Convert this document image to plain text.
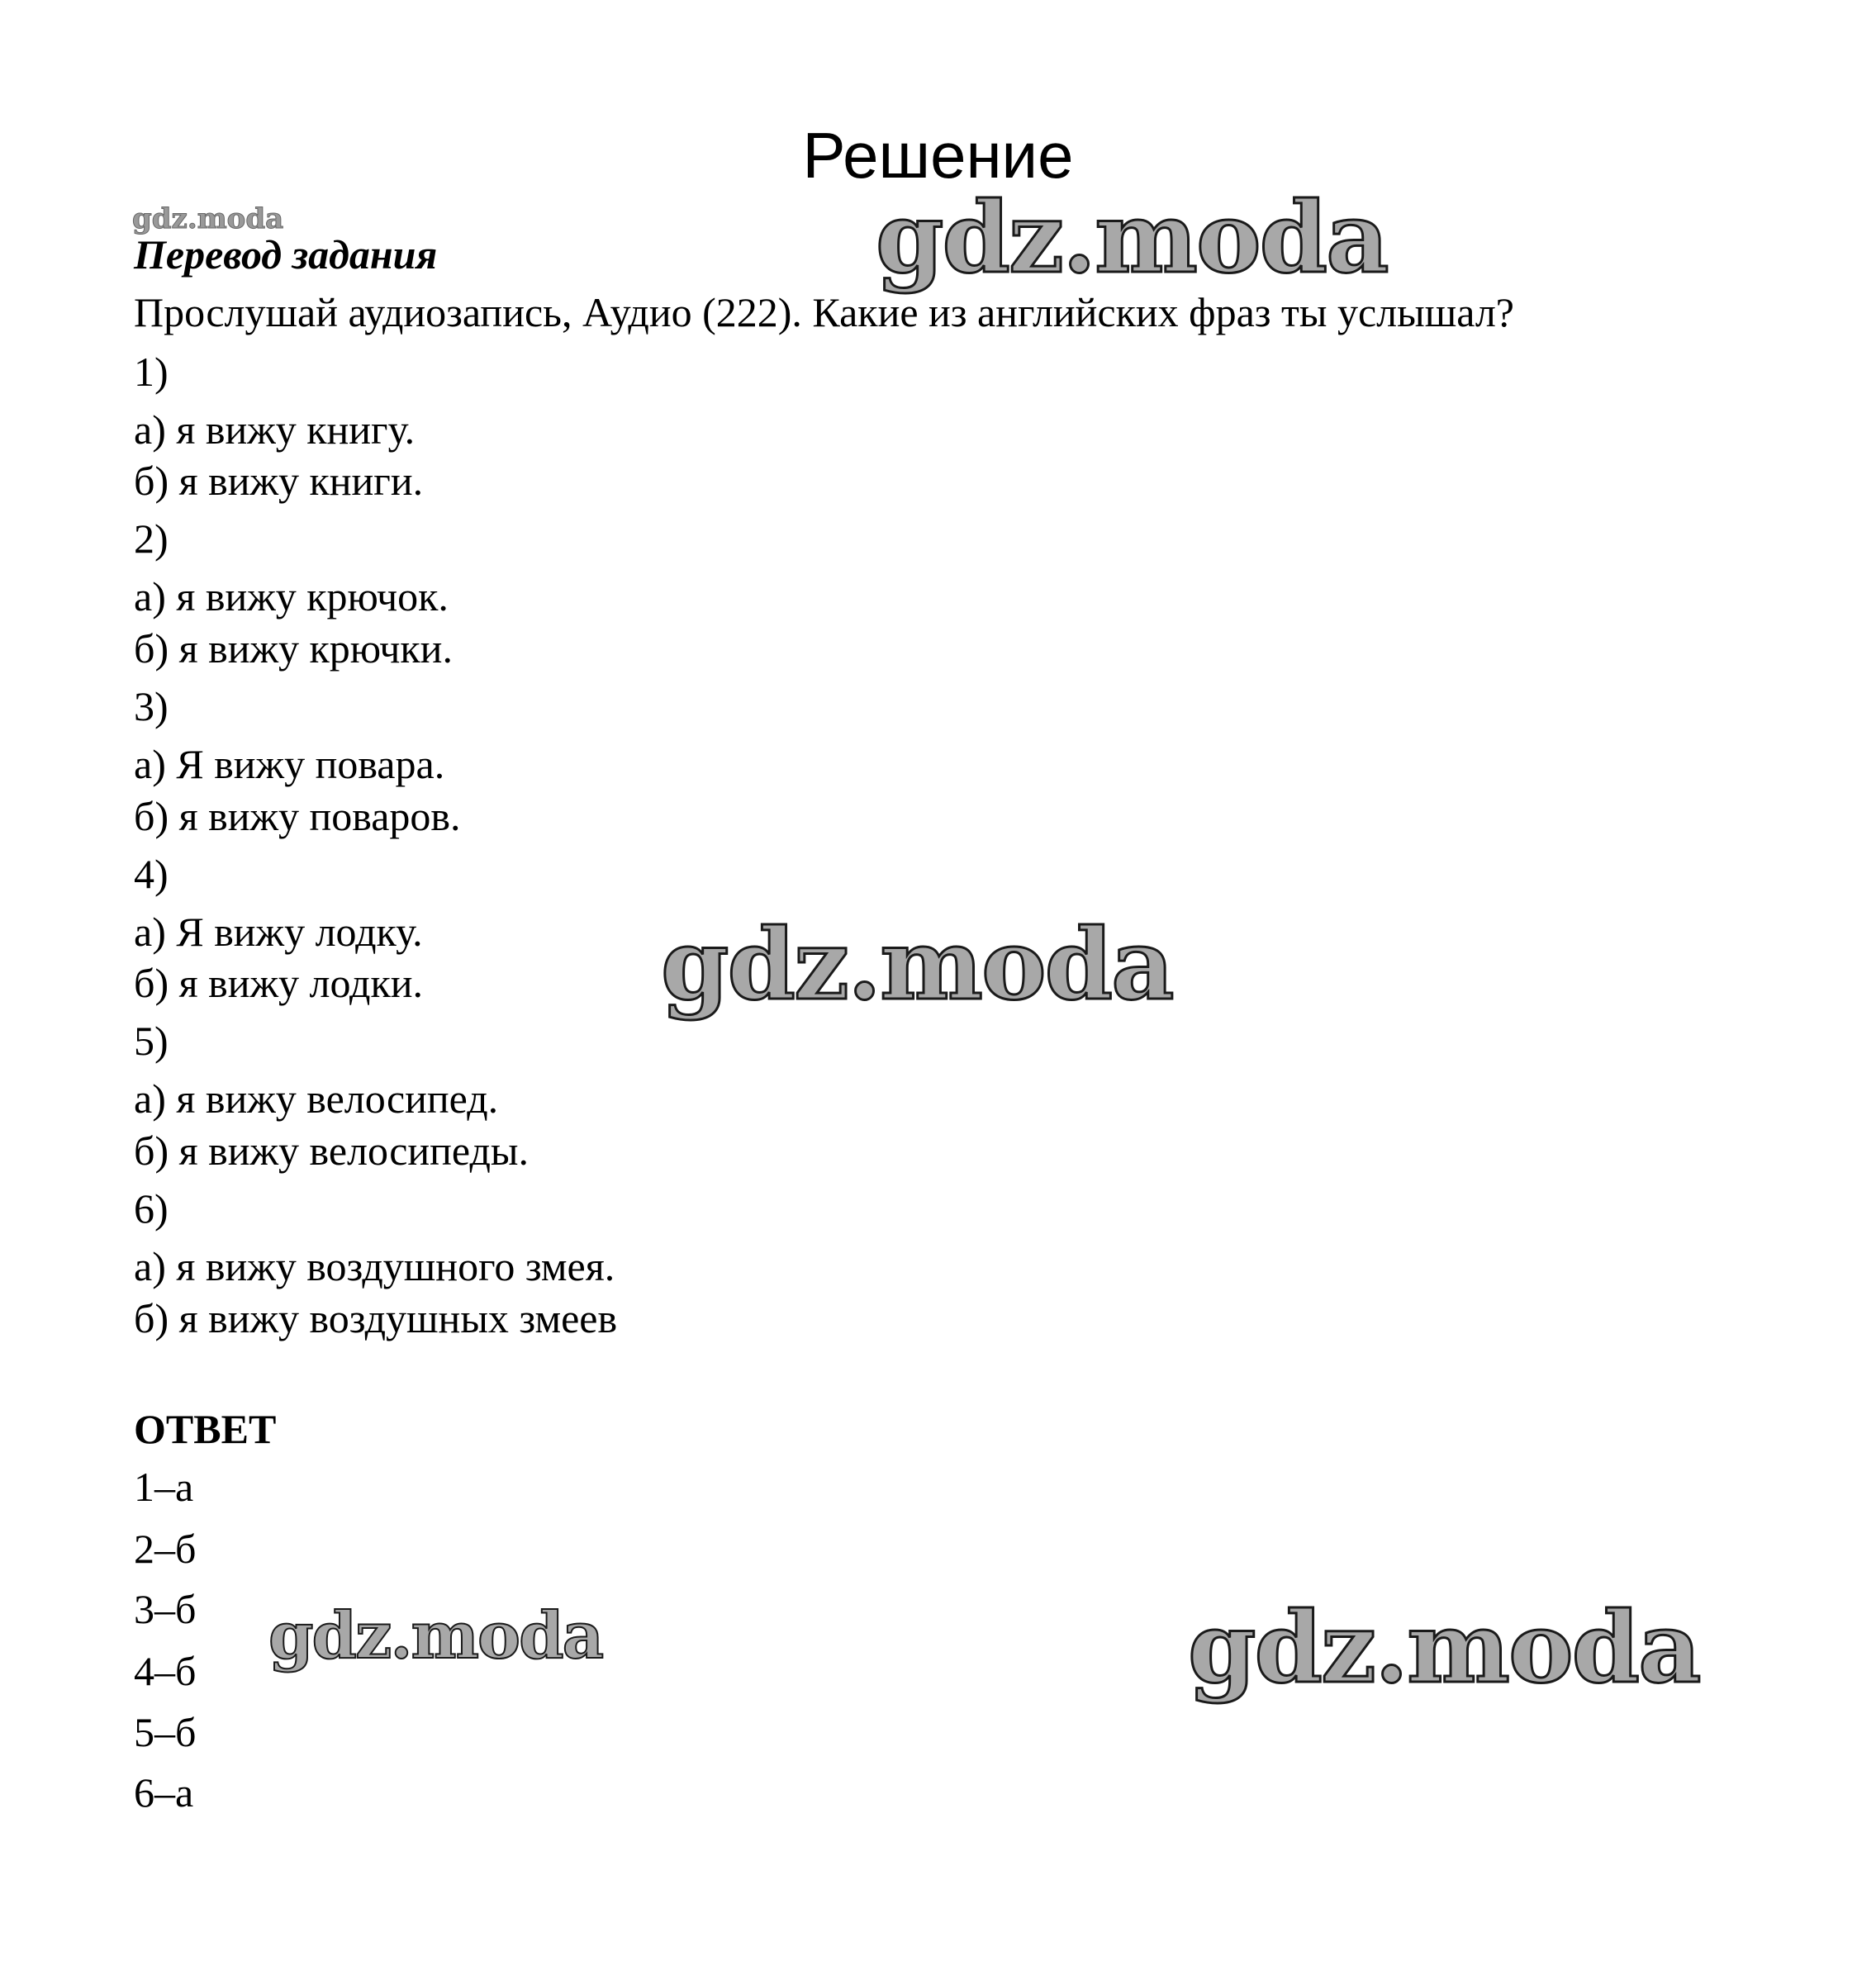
Решение
gdz.moda	gdz.moda
gdz.moda
gdz.moda	gdz.moda
Перевод задания
Прослушай аудиозапись, Аудио (222). Какие из английских фраз ты услышал?
1)
а) я вижу книгу.
б) я вижу книги.
2)
а) я вижу крючок.
б) я вижу крючки.
3)
а) Я вижу повара.
б) я вижу поваров.
4)
а) Я вижу лодку.
б) я вижу лодки.
5)
а) я вижу велосипед.
б) я вижу велосипеды.
6)
а) я вижу воздушного змея.
б) я вижу воздушных змеев
ОТВЕТ
1–а
2–б
3–б
4–б
5–б
6–а
